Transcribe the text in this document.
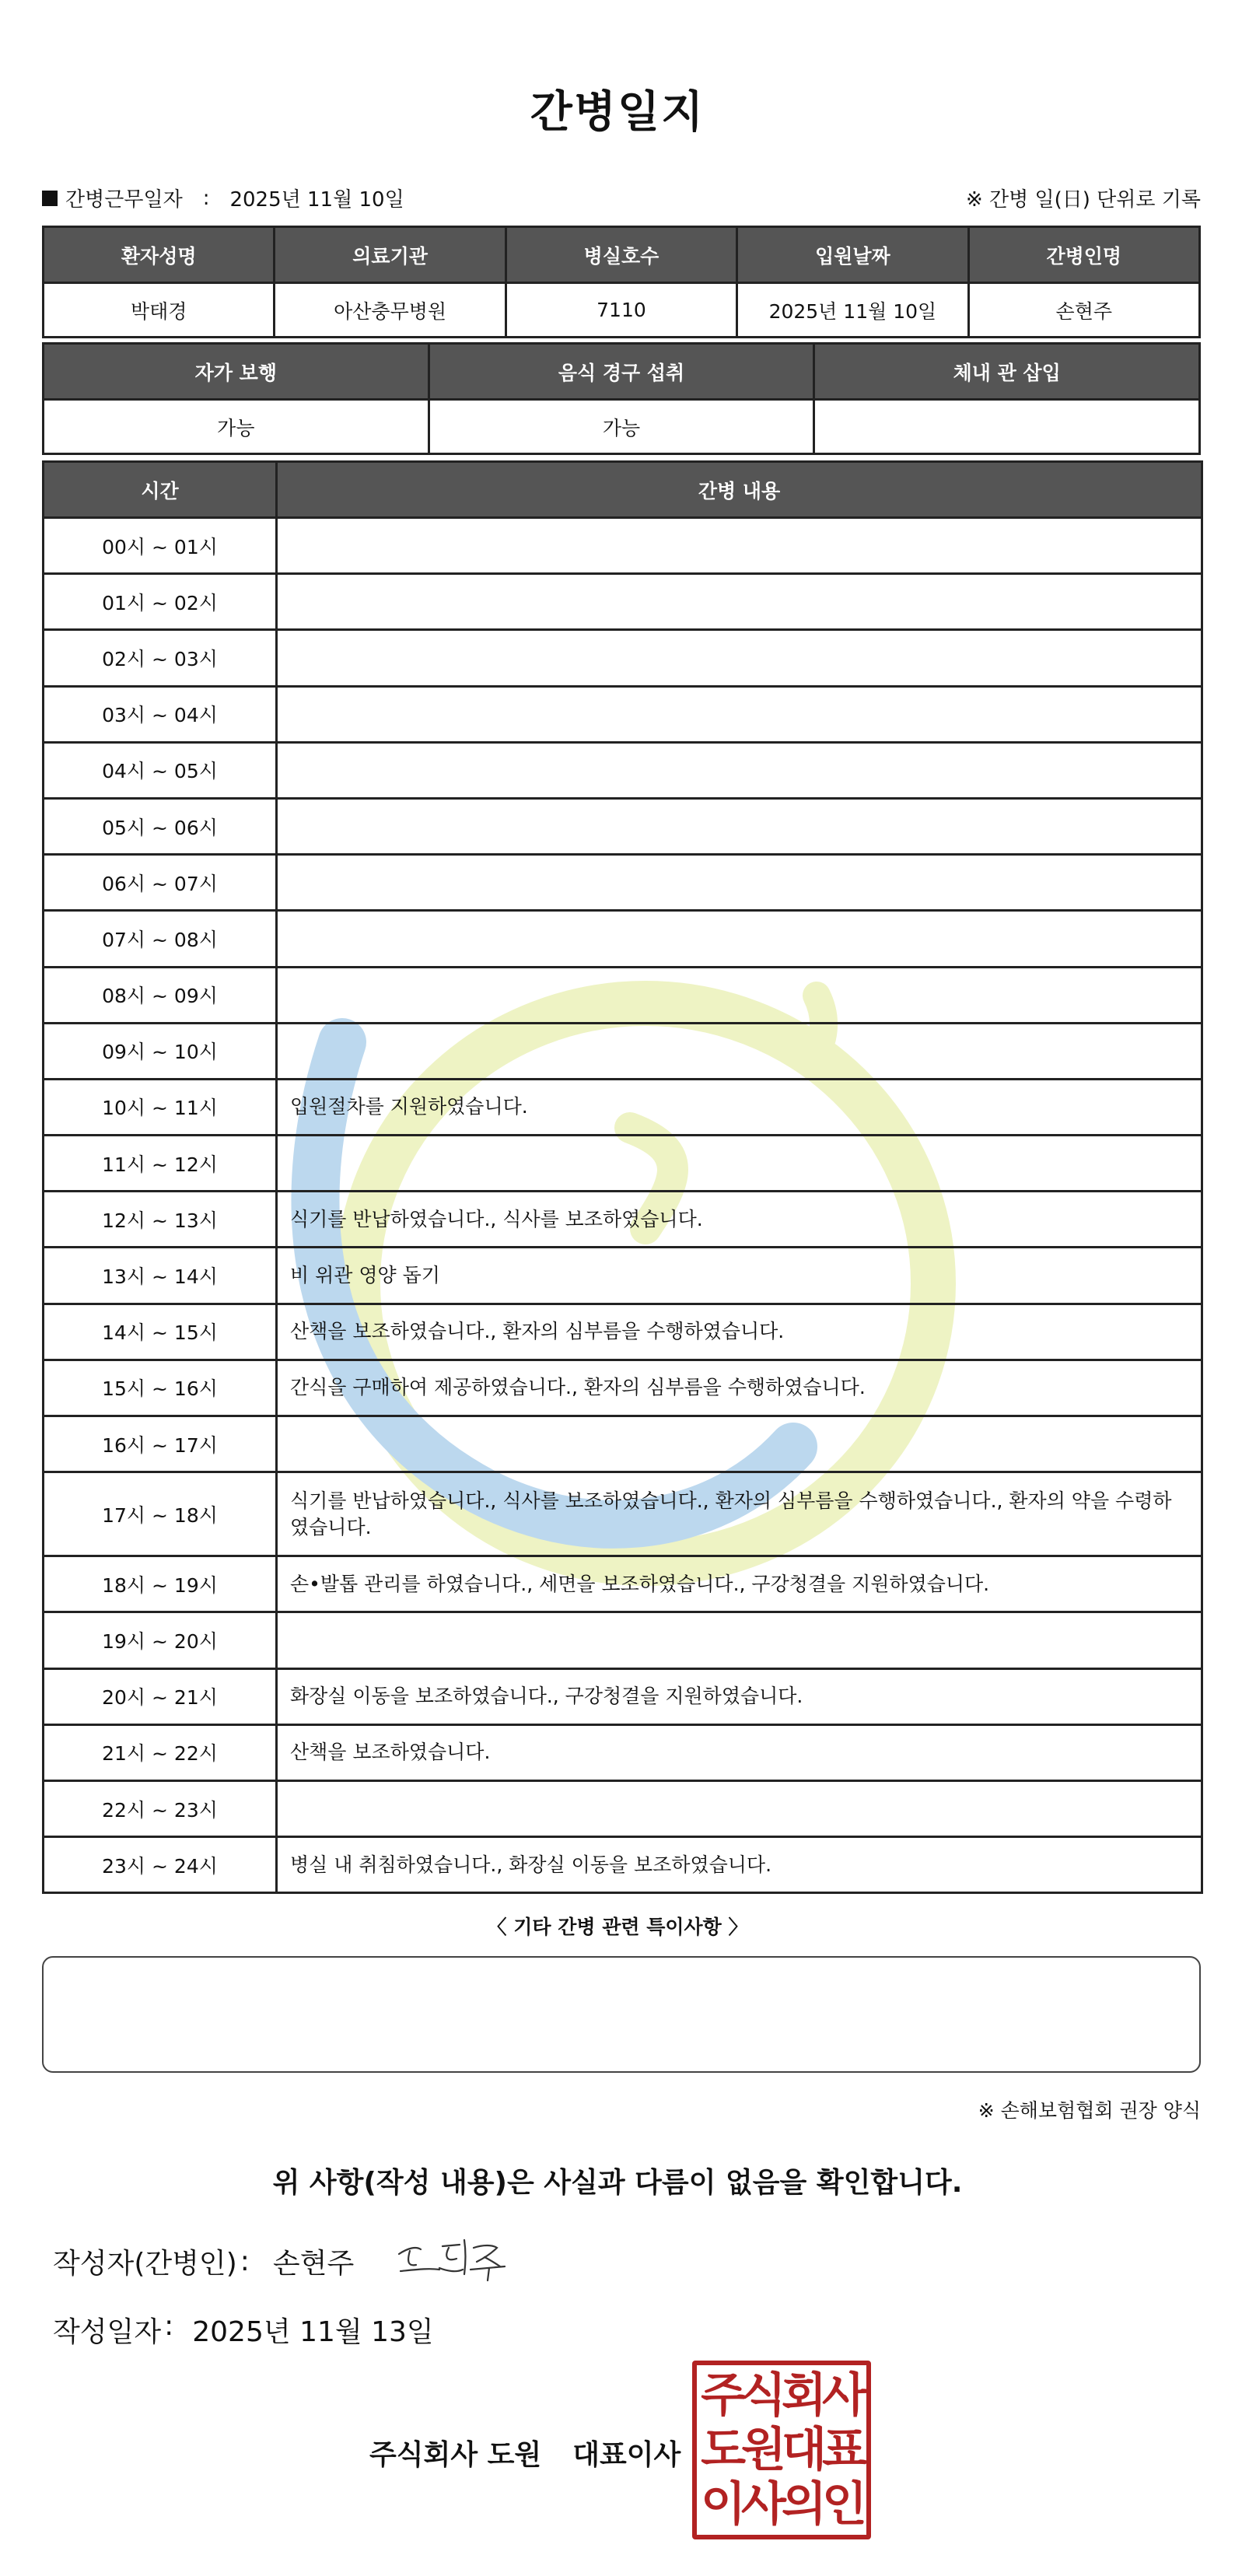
간병일지
간병근무일자 : 2025년 11월 10일	※ 간병 일(日) 단위로 기록
환자성명	의료기관	병실호수	입원날짜	간병인명
박태경	아산충무병원	7110	2025년 11월 10일	손현주
자가 보행	음식 경구 섭취	체내 관 삽입
가능	가능	
시간	간병 내용
00시 ~ 01시	
01시 ~ 02시	
02시 ~ 03시	
03시 ~ 04시	
04시 ~ 05시	
05시 ~ 06시	
06시 ~ 07시	
07시 ~ 08시	
08시 ~ 09시	
09시 ~ 10시	
10시 ~ 11시	입원절차를 지원하였습니다.
11시 ~ 12시	
12시 ~ 13시	식기를 반납하였습니다., 식사를 보조하였습니다.
13시 ~ 14시	비 위관 영양 돕기
14시 ~ 15시	산책을 보조하였습니다., 환자의 심부름을 수행하였습니다.
15시 ~ 16시	간식을 구매하여 제공하였습니다., 환자의 심부름을 수행하였습니다.
16시 ~ 17시	
17시 ~ 18시	식기를 반납하였습니다., 식사를 보조하였습니다., 환자의 심부름을 수행하였습니다., 환자의 약을 수령하였습니다.
18시 ~ 19시	손•발톱 관리를 하였습니다., 세면을 보조하였습니다., 구강청결을 지원하였습니다.
19시 ~ 20시	
20시 ~ 21시	화장실 이동을 보조하였습니다., 구강청결을 지원하였습니다.
21시 ~ 22시	산책을 보조하였습니다.
22시 ~ 23시	
23시 ~ 24시	병실 내 취침하였습니다., 화장실 이동을 보조하였습니다.
〈 기타 간병 관련 특이사항 〉
※ 손해보험협회 권장 양식
위 사항(작성 내용)은 사실과 다름이 없음을 확인합니다.
작성자(간병인) : 손현주
작성일자 : 2025년 11월 13일
주식회사 도원 대표이사
주식회사
도원대표
이사의인
